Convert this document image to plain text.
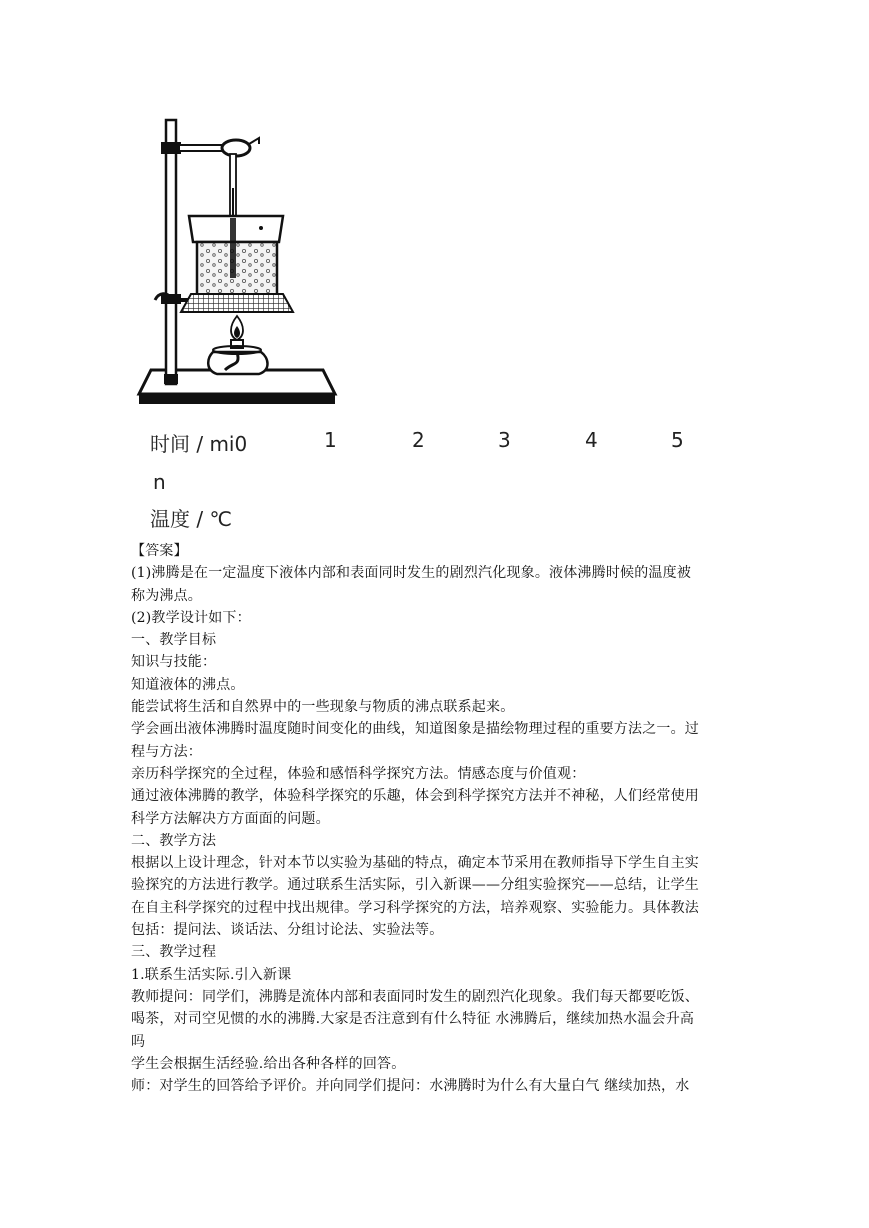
时间 / mi0	1	2	3	4	5
n
温度 / ℃

【答案】

(1)沸腾是在一定温度下液体内部和表面同时发生的剧烈汽化现象。液体沸腾时候的温度被

称为沸点。

(2)教学设计如下：

一、教学目标

知识与技能：

知道液体的沸点。

能尝试将生活和自然界中的一些现象与物质的沸点联系起来。

学会画出液体沸腾时温度随时间变化的曲线，知道图象是描绘物理过程的重要方法之一。过

程与方法：

亲历科学探究的全过程，体验和感悟科学探究方法。情感态度与价值观：

通过液体沸腾的教学，体验科学探究的乐趣，体会到科学探究方法并不神秘，人们经常使用

科学方法解决方方面面的问题。

二、教学方法

根据以上设计理念，针对本节以实验为基础的特点，确定本节采用在教师指导下学生自主实

验探究的方法进行教学。通过联系生活实际，引入新课——分组实验探究——总结，让学生

在自主科学探究的过程中找出规律。学习科学探究的方法，培养观察、实验能力。具体教法

包括：提问法、谈话法、分组讨论法、实验法等。

三、教学过程

1.联系生活实际.引入新课

教师提问：同学们，沸腾是流体内部和表面同时发生的剧烈汽化现象。我们每天都要吃饭、

喝茶，对司空见惯的水的沸腾.大家是否注意到有什么特征 水沸腾后，继续加热水温会升高

吗

学生会根据生活经验.给出各种各样的回答。

师：对学生的回答给予评价。并向同学们提问：水沸腾时为什么有大量白气 继续加热，水
